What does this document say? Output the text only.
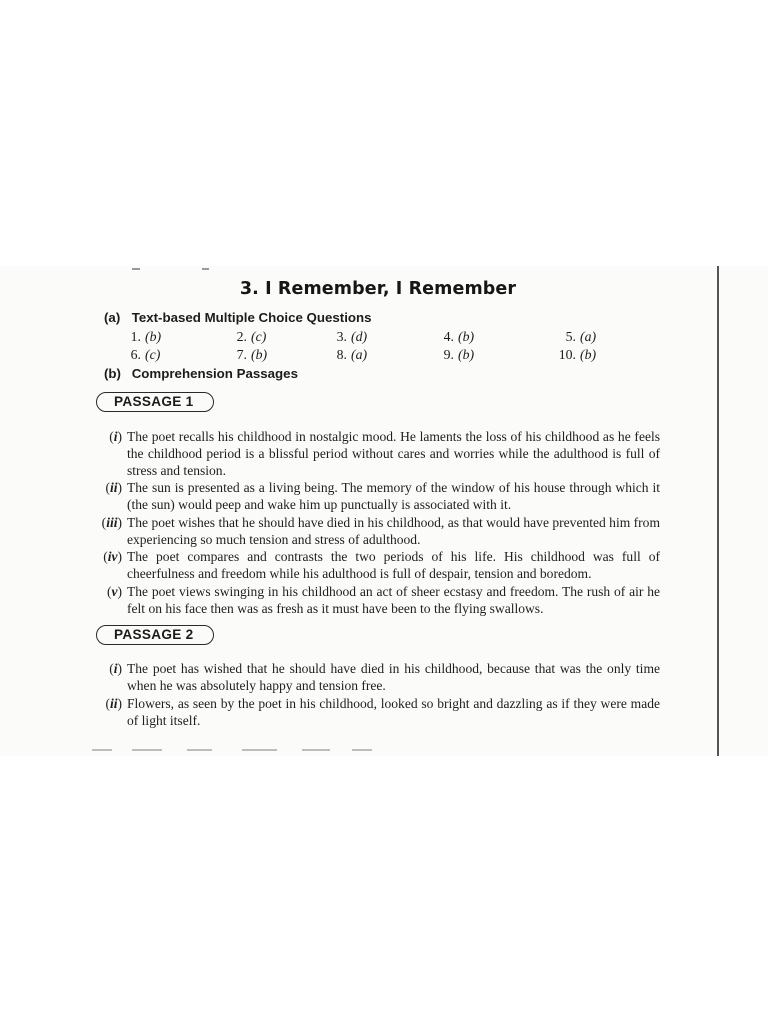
3. I Remember, I Remember
(a) Text-based Multiple Choice Questions
1. (b)	2. (c)	3. (d)	4. (b)	5. (a)
6. (c)	7. (b)	8. (a)	9. (b)	10. (b)
(b) Comprehension Passages
PASSAGE 1
(i) The poet recalls his childhood in nostalgic mood. He laments the loss of his childhood as he feels the childhood period is a blissful period without cares and worries while the adulthood is full of stress and tension.
(ii) The sun is presented as a living being. The memory of the window of his house through which it (the sun) would peep and wake him up punctually is associated with it.
(iii) The poet wishes that he should have died in his childhood, as that would have prevented him from experiencing so much tension and stress of adulthood.
(iv) The poet compares and contrasts the two periods of his life. His childhood was full of cheerfulness and freedom while his adulthood is full of despair, tension and boredom.
(v) The poet views swinging in his childhood an act of sheer ecstasy and freedom. The rush of air he felt on his face then was as fresh as it must have been to the flying swallows.
PASSAGE 2
(i) The poet has wished that he should have died in his childhood, because that was the only time when he was absolutely happy and tension free.
(ii) Flowers, as seen by the poet in his childhood, looked so bright and dazzling as if they were made of light itself.
